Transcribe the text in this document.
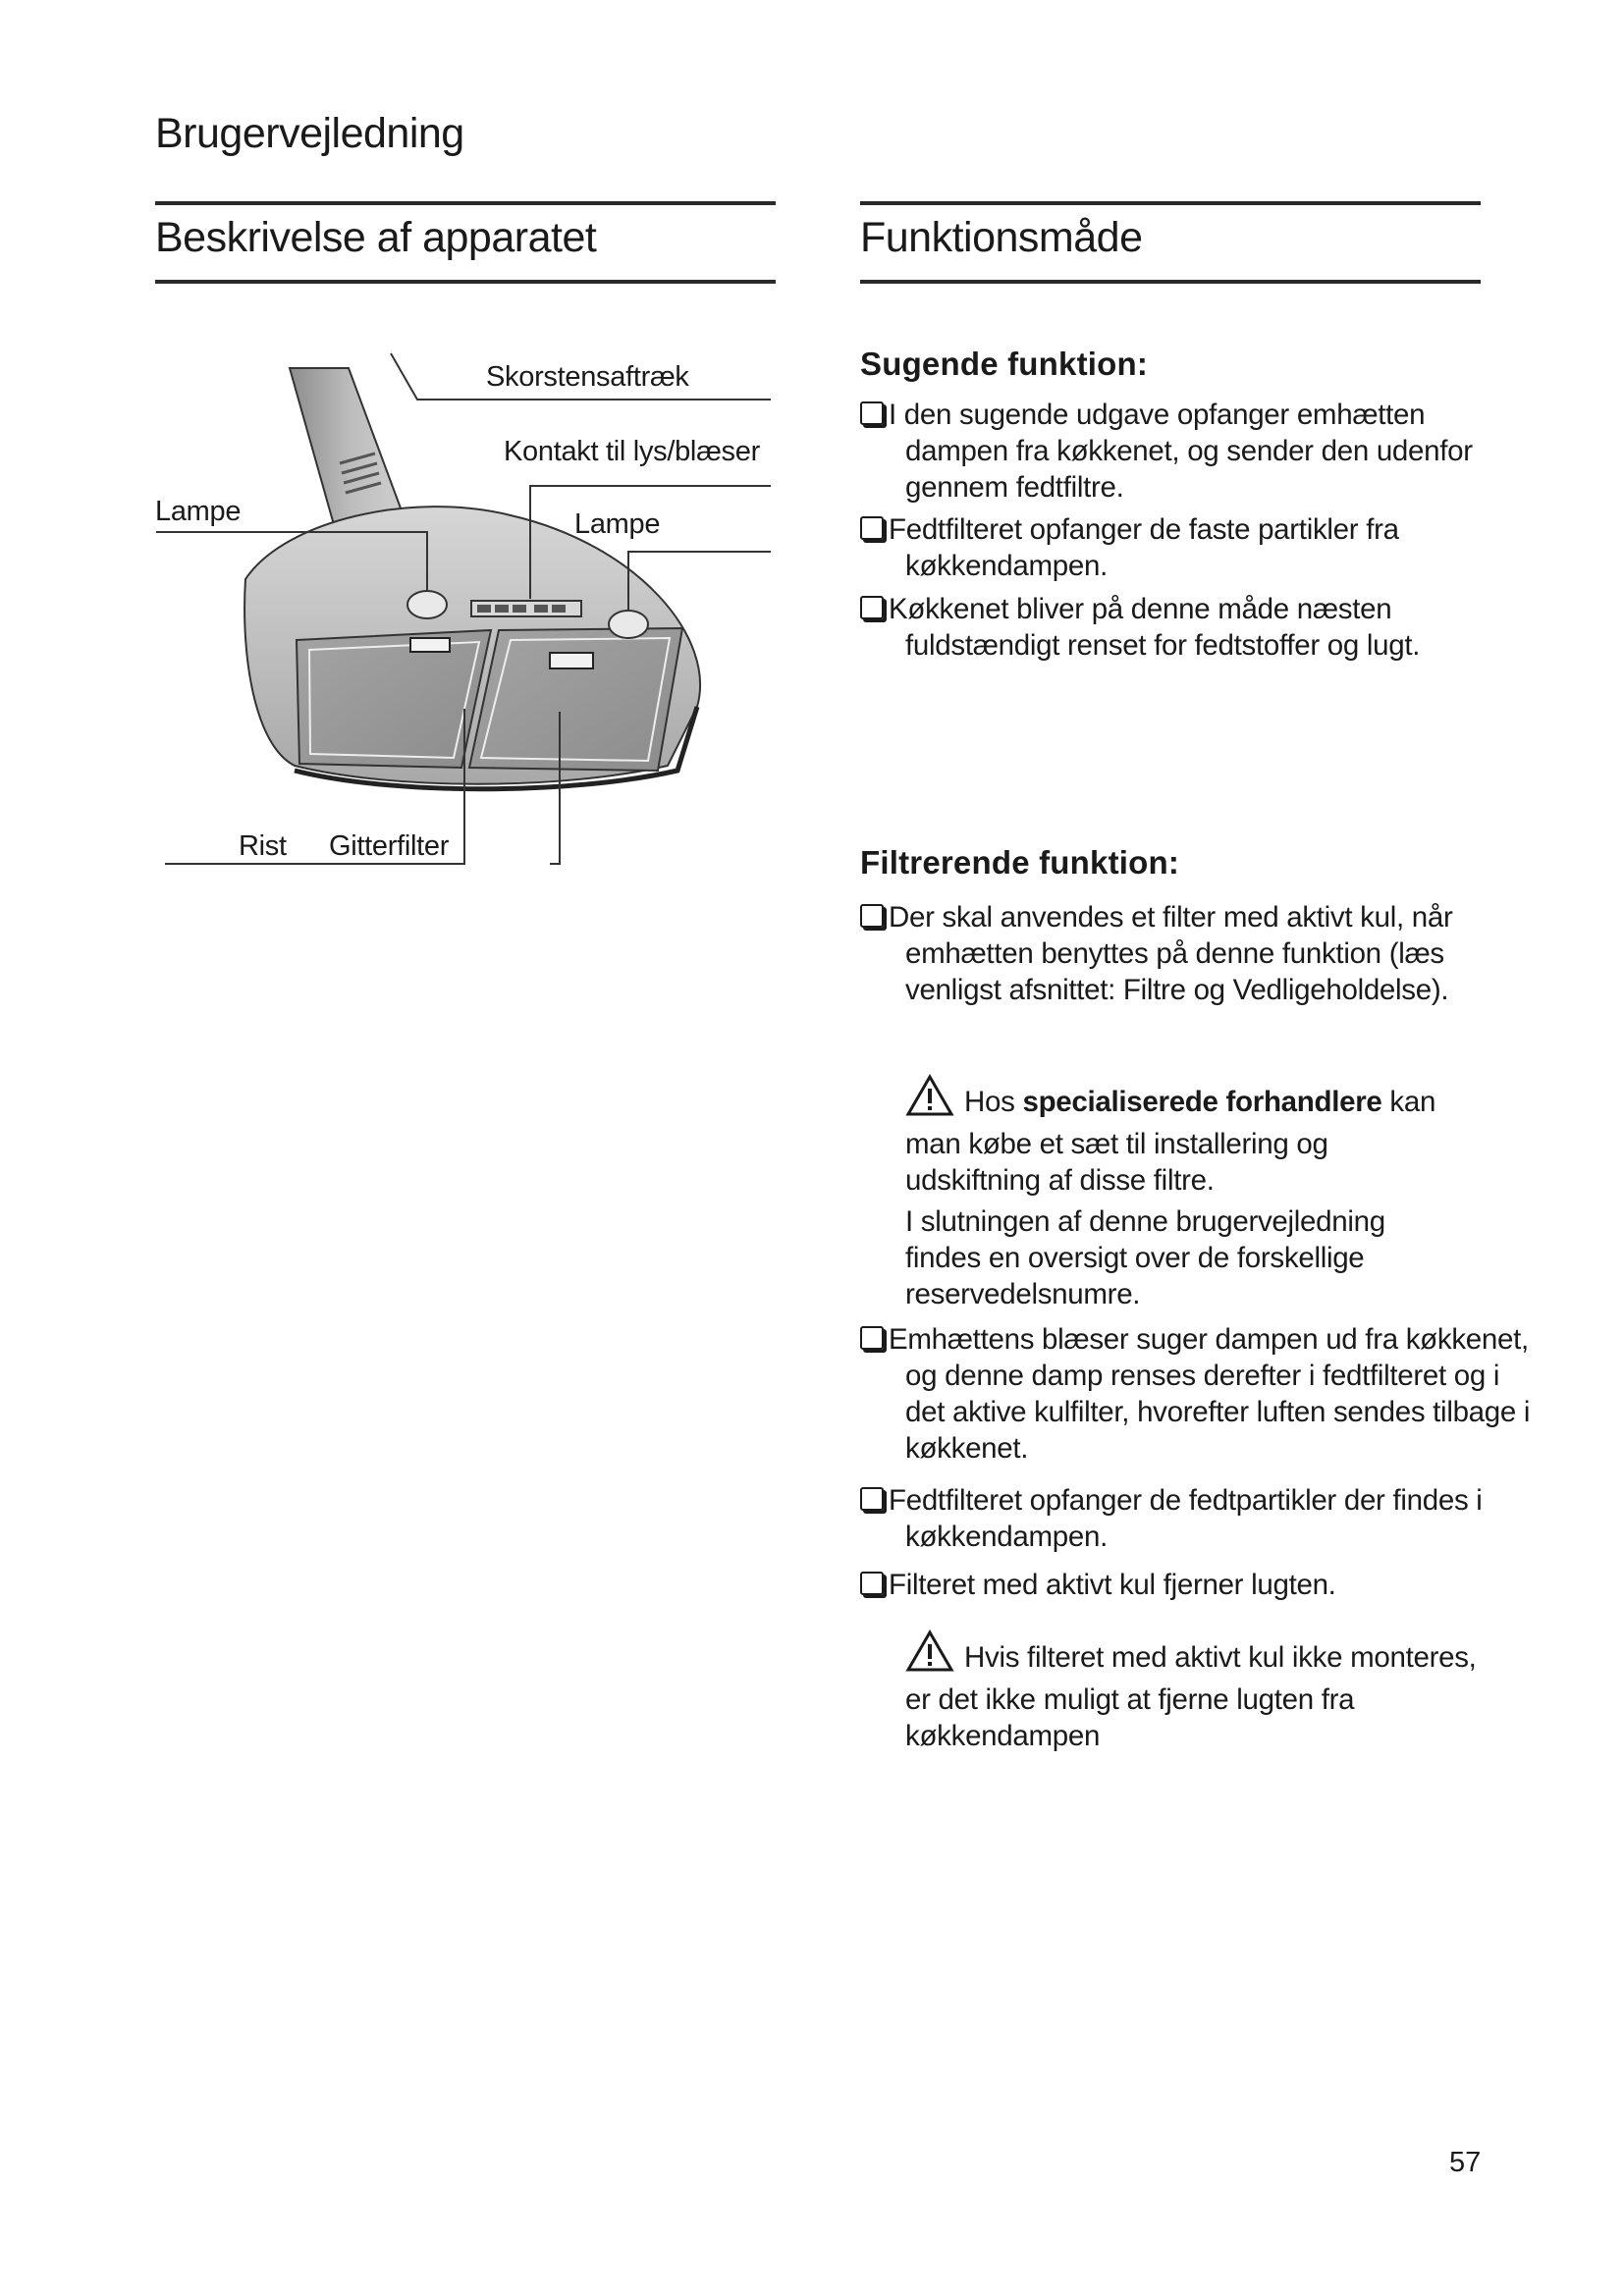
Brugervejledning
Beskrivelse af apparatet	Funktionsmåde
Skorstensaftræk
Kontakt til lys/blæser
Lampe	Lampe
Rist Gitterfilter
Sugende funktion:

I den sugende udgave opfanger emhætten dampen fra køkkenet, og sender den udenfor gennem fedtfiltre.

Fedtfilteret opfanger de faste partikler fra køkkendampen.

Køkkenet bliver på denne måde næsten fuldstændigt renset for fedtstoffer og lugt.

Filtrerende funktion:

Der skal anvendes et filter med aktivt kul, når emhætten benyttes på denne funktion (læs venligst afsnittet: Filtre og Vedligeholdelse).

Hos specialiserede forhandlere kan man købe et sæt til installering og udskiftning af disse filtre.

I slutningen af denne brugervejledning findes en oversigt over de forskellige reservedelsnumre.

Emhættens blæser suger dampen ud fra køkkenet, og denne damp renses derefter i fedtfilteret og i det aktive kulfilter, hvorefter luften sendes tilbage i køkkenet.

Fedtfilteret opfanger de fedtpartikler der findes i køkkendampen.

Filteret med aktivt kul fjerner lugten.

Hvis filteret med aktivt kul ikke monteres, er det ikke muligt at fjerne lugten fra køkkendampen

57
